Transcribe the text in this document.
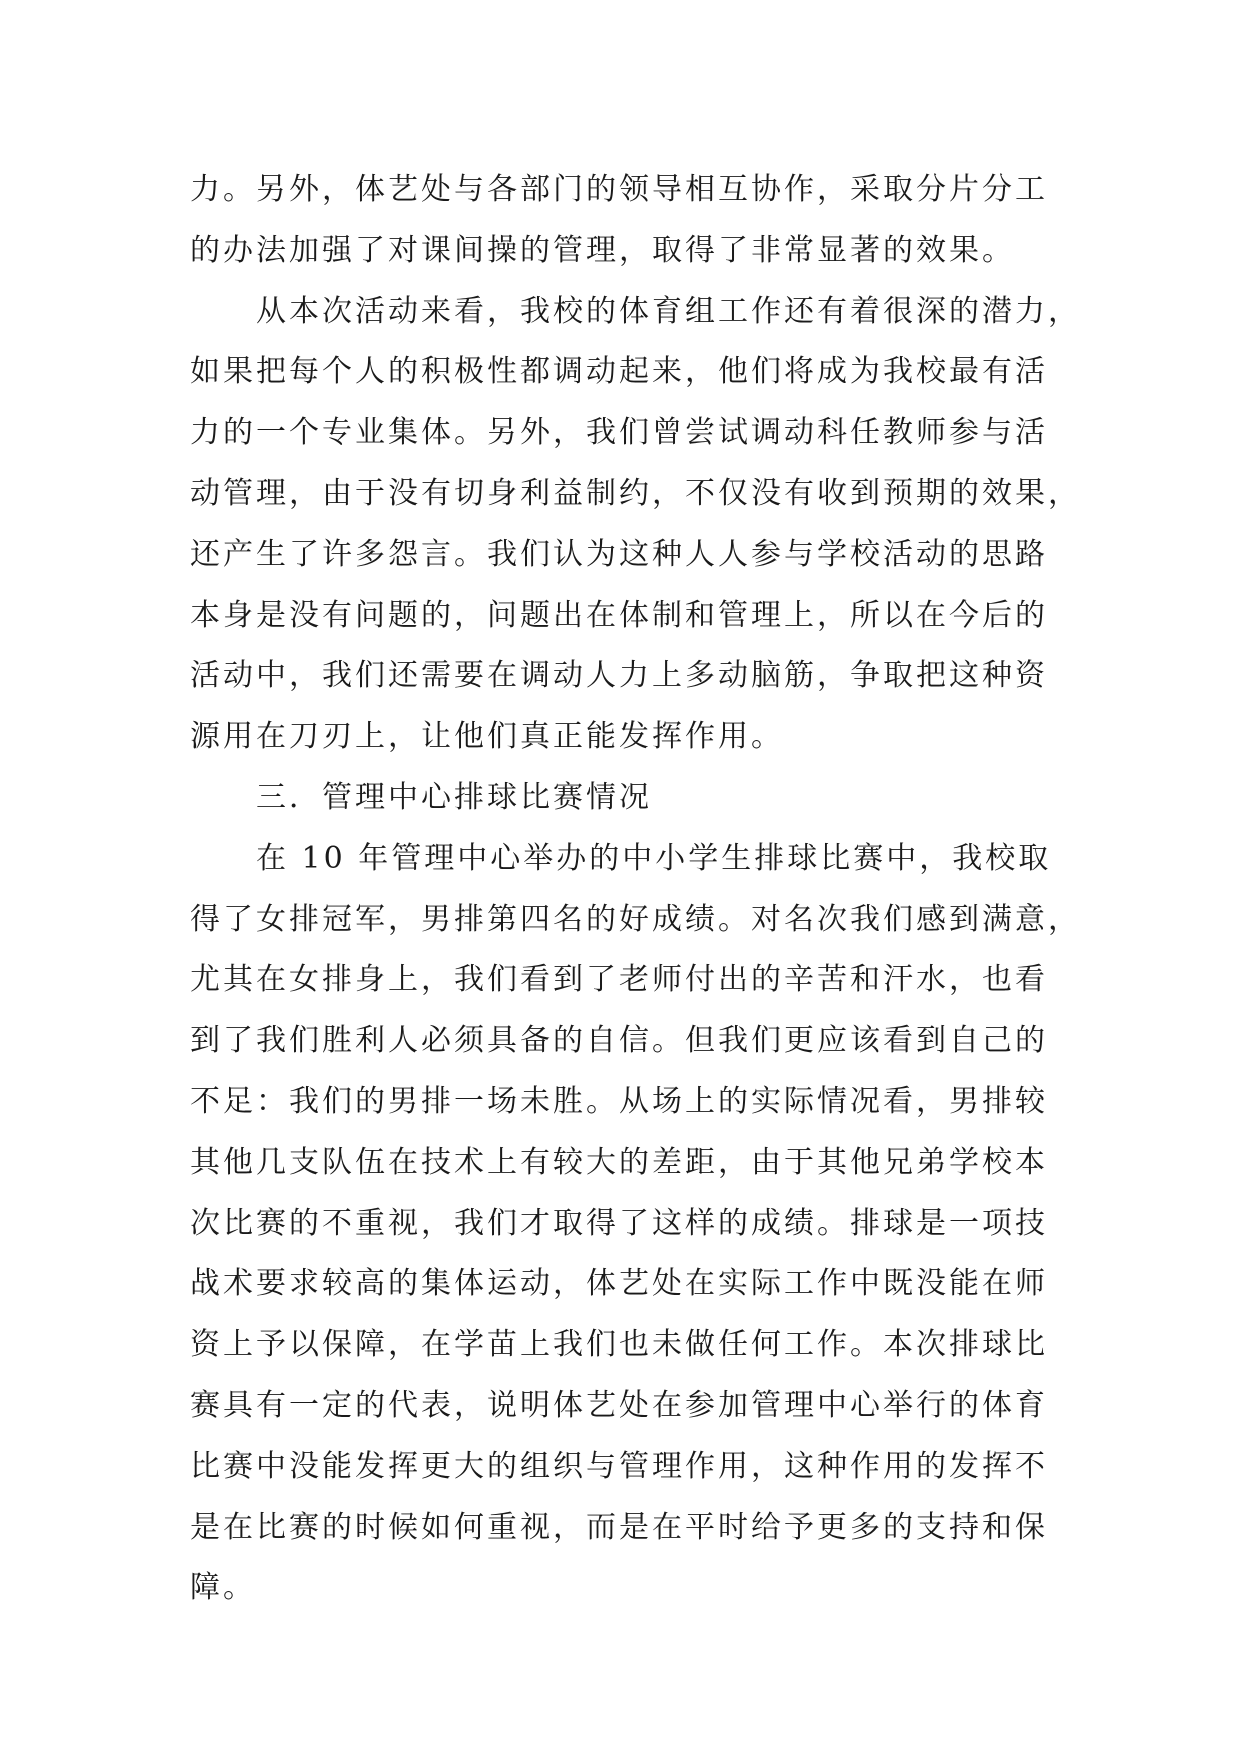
力。另外，体艺处与各部门的领导相互协作，采取分片分工
的办法加强了对课间操的管理，取得了非常显著的效果。
从本次活动来看，我校的体育组工作还有着很深的潜力，
如果把每个人的积极性都调动起来，他们将成为我校最有活
力的一个专业集体。另外，我们曾尝试调动科任教师参与活
动管理，由于没有切身利益制约，不仅没有收到预期的效果，
还产生了许多怨言。我们认为这种人人参与学校活动的思路
本身是没有问题的，问题出在体制和管理上，所以在今后的
活动中，我们还需要在调动人力上多动脑筋，争取把这种资
源用在刀刃上，让他们真正能发挥作用。
三．管理中心排球比赛情况
在 10 年管理中心举办的中小学生排球比赛中，我校取
得了女排冠军，男排第四名的好成绩。对名次我们感到满意，
尤其在女排身上，我们看到了老师付出的辛苦和汗水，也看
到了我们胜利人必须具备的自信。但我们更应该看到自己的
不足：我们的男排一场未胜。从场上的实际情况看，男排较
其他几支队伍在技术上有较大的差距，由于其他兄弟学校本
次比赛的不重视，我们才取得了这样的成绩。排球是一项技
战术要求较高的集体运动，体艺处在实际工作中既没能在师
资上予以保障，在学苗上我们也未做任何工作。本次排球比
赛具有一定的代表，说明体艺处在参加管理中心举行的体育
比赛中没能发挥更大的组织与管理作用，这种作用的发挥不
是在比赛的时候如何重视，而是在平时给予更多的支持和保
障。
